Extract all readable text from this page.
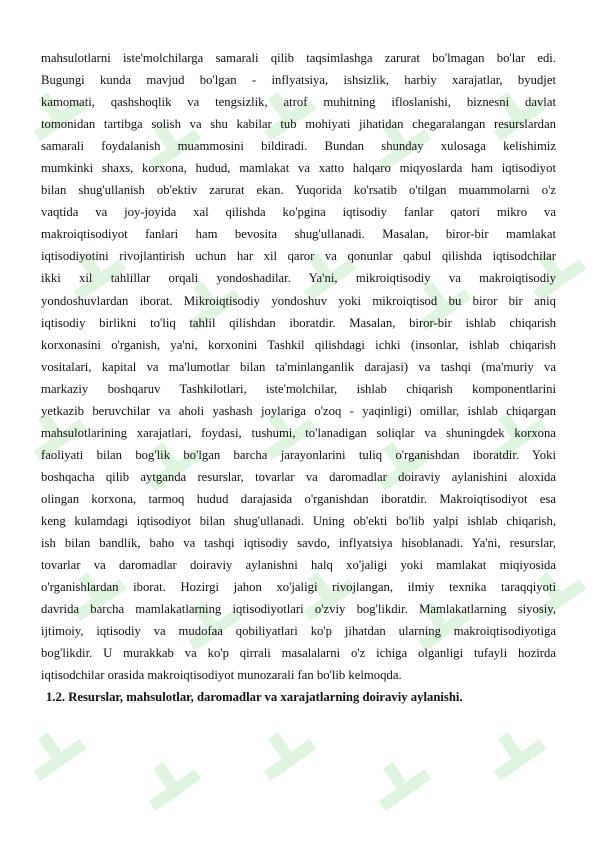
mahsulotlarni iste'molchilarga samarali qilib taqsimlashga zarurat bo'lmagan bo'lar edi.
Bugungi kunda mavjud bo'lgan - inflyatsiya, ishsizlik, harbiy xarajatlar, byudjet
kamomati, qashshoqlik va tengsizlik, atrof muhitning ifloslanishi, biznesni davlat
tomonidan tartibga solish va shu kabilar tub mohiyati jihatidan chegaralangan resurslardan
samarali foydalanish muammosini bildiradi. Bundan shunday xulosaga kelishimiz
mumkinki shaxs, korxona, hudud, mamlakat va xatto halqaro miqyoslarda ham iqtisodiyot
bilan shug'ullanish ob'ektiv zarurat ekan. Yuqorida ko'rsatib o'tilgan muammolarni o'z
vaqtida va joy-joyida xal qilishda ko'pgina iqtisodiy fanlar qatori mikro va
makroiqtisodiyot fanlari ham bevosita shug'ullanadi. Masalan, biror-bir mamlakat
iqtisodiyotini rivojlantirish uchun har xil qaror va qonunlar qabul qilishda iqtisodchilar
ikki xil tahlillar orqali yondoshadilar. Ya'ni, mikroiqtisodiy va makroiqtisodiy
yondoshuvlardan iborat. Mikroiqtisodiy yondoshuv yoki mikroiqtisod bu biror bir aniq
iqtisodiy birlikni to'liq tahlil qilishdan iboratdir. Masalan, biror-bir ishlab chiqarish
korxonasini o'rganish, ya'ni, korxonini Tashkil qilishdagi ichki (insonlar, ishlab chiqarish
vositalari, kapital va ma'lumotlar bilan ta'minlanganlik darajasi) va tashqi (ma'muriy va
markaziy boshqaruv Tashkilotlari, iste'molchilar, ishlab chiqarish komponentlarini
yetkazib beruvchilar va aholi yashash joylariga o'zoq - yaqinligi) omillar, ishlab chiqargan
mahsulotlarining xarajatlari, foydasi, tushumi, to'lanadigan soliqlar va shuningdek korxona
faoliyati bilan bog'lik bo'lgan barcha jarayonlarini tuliq o'rganishdan iboratdir. Yoki
boshqacha qilib aytganda resurslar, tovarlar va daromadlar doiraviy aylanishini aloxida
olingan korxona, tarmoq hudud darajasida o'rganishdan iboratdir. Makroiqtisodiyot esa
keng kulamdagi iqtisodiyot bilan shug'ullanadi. Uning ob'ekti bo'lib yalpi ishlab chiqarish,
ish bilan bandlik, baho va tashqi iqtisodiy savdo, inflyatsiya hisoblanadi. Ya'ni, resurslar,
tovarlar va daromadlar doiraviy aylanishni halq xo'jaligi yoki mamlakat miqiyosida
o'rganishlardan iborat. Hozirgi jahon xo'jaligi rivojlangan, ilmiy texnika taraqqiyoti
davrida barcha mamlakatlarning iqtisodiyotlari o'zviy bog'likdir. Mamlakatlarning siyosiy,
ijtimoiy, iqtisodiy va mudofaa qobiliyatlari ko'p jihatdan ularning makroiqtisodiyotiga
bog'likdir. U murakkab va ko'p qirrali masalalarni o'z ichiga olganligi tufayli hozirda
iqtisodchilar orasida makroiqtisodiyot munozarali fan bo'lib kelmoqda.
1.2. Resurslar, mahsulotlar, daromadlar va xarajatlarning doiraviy aylanishi.
